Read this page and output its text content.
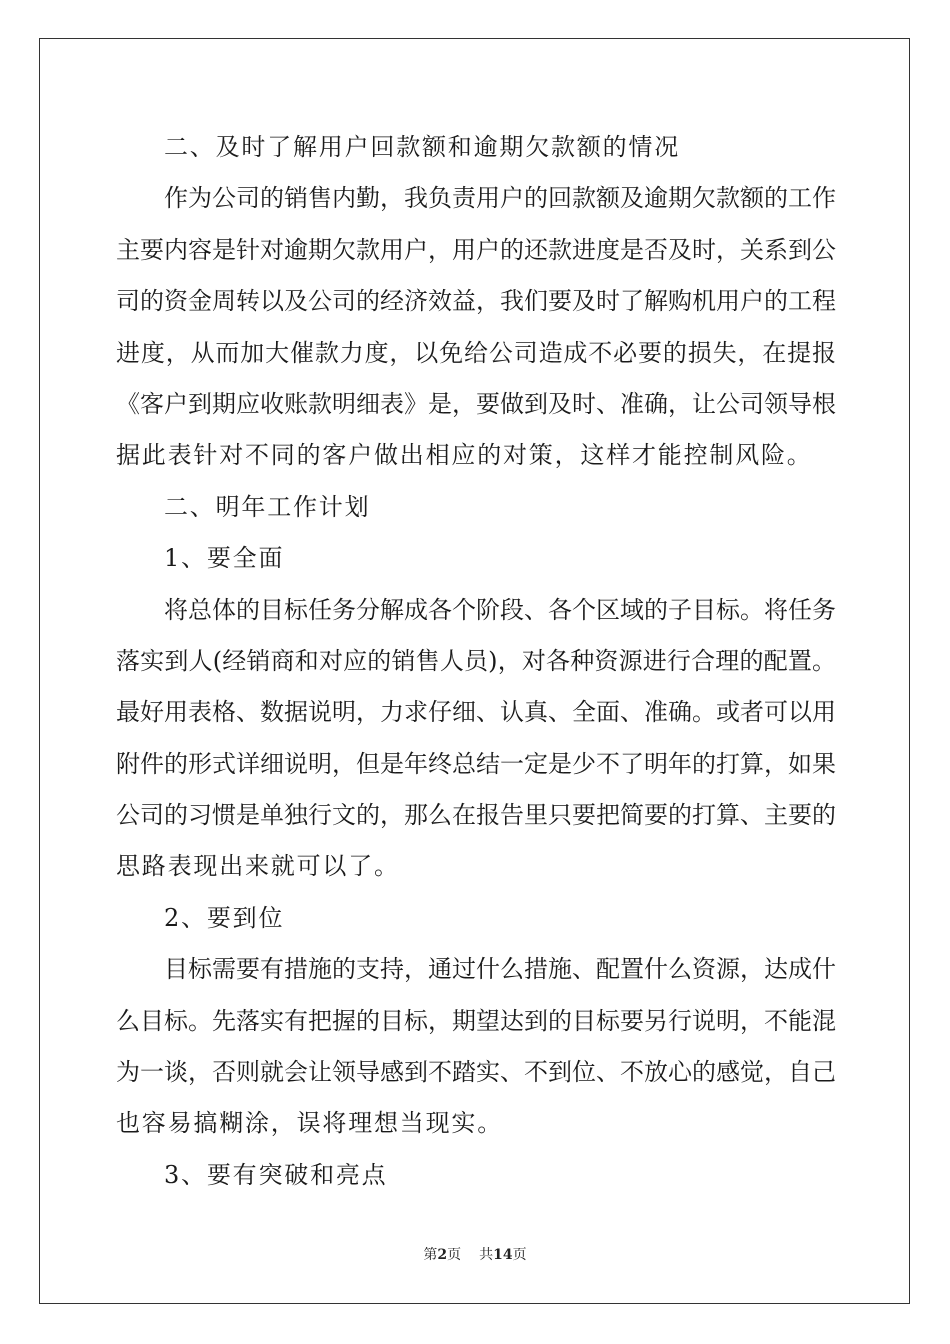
二、及时了解用户回款额和逾期欠款额的情况
作为公司的销售内勤，我负责用户的回款额及逾期欠款额的工作
主要内容是针对逾期欠款用户，用户的还款进度是否及时，关系到公
司的资金周转以及公司的经济效益，我们要及时了解购机用户的工程
进度，从而加大催款力度，以免给公司造成不必要的损失，在提报
《客户到期应收账款明细表》是，要做到及时、准确，让公司领导根
据此表针对不同的客户做出相应的对策，这样才能控制风险。
二、明年工作计划
1、要全面
将总体的目标任务分解成各个阶段、各个区域的子目标。将任务
落实到人(经销商和对应的销售人员)，对各种资源进行合理的配置。
最好用表格、数据说明，力求仔细、认真、全面、准确。或者可以用
附件的形式详细说明，但是年终总结一定是少不了明年的打算，如果
公司的习惯是单独行文的，那么在报告里只要把简要的打算、主要的
思路表现出来就可以了。
2、要到位
目标需要有措施的支持，通过什么措施、配置什么资源，达成什
么目标。先落实有把握的目标，期望达到的目标要另行说明，不能混
为一谈，否则就会让领导感到不踏实、不到位、不放心的感觉，自己
也容易搞糊涂，误将理想当现实。
3、要有突破和亮点
第2页 共14页
